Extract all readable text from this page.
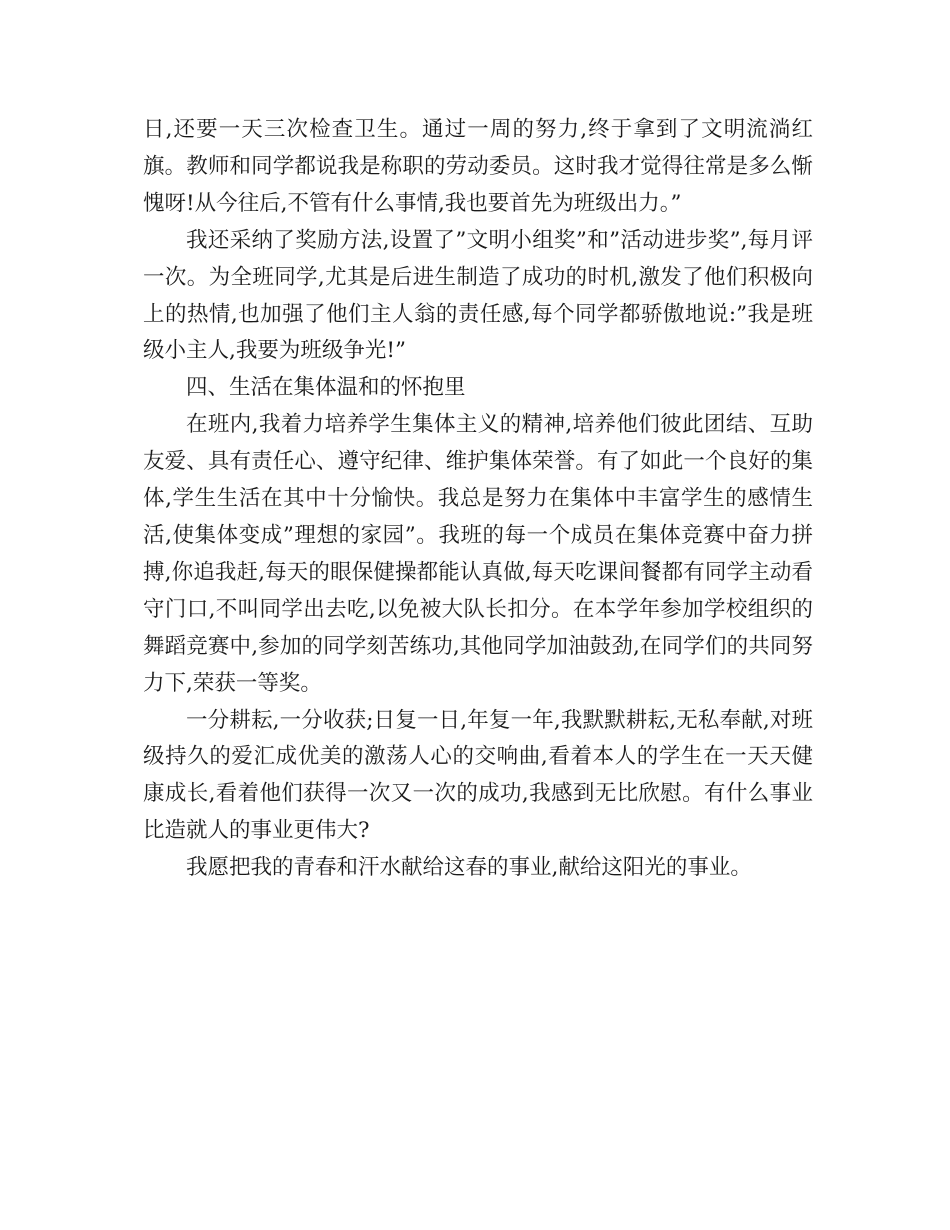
日,还要一天三次检查卫生。通过一周的努力,终于拿到了文明流淌红旗。教师和同学都说我是称职的劳动委员。这时我才觉得往常是多么惭愧呀!从今往后,不管有什么事情,我也要首先为班级出力。”

我还采纳了奖励方法,设置了”文明小组奖”和”活动进步奖”,每月评一次。为全班同学,尤其是后进生制造了成功的时机,激发了他们积极向上的热情,也加强了他们主人翁的责任感,每个同学都骄傲地说:”我是班级小主人,我要为班级争光!”

四、生活在集体温和的怀抱里

在班内,我着力培养学生集体主义的精神,培养他们彼此团结、互助友爱、具有责任心、遵守纪律、维护集体荣誉。有了如此一个良好的集体,学生生活在其中十分愉快。我总是努力在集体中丰富学生的感情生活,使集体变成”理想的家园”。我班的每一个成员在集体竞赛中奋力拼搏,你追我赶,每天的眼保健操都能认真做,每天吃课间餐都有同学主动看守门口,不叫同学出去吃,以免被大队长扣分。在本学年参加学校组织的舞蹈竞赛中,参加的同学刻苦练功,其他同学加油鼓劲,在同学们的共同努力下,荣获一等奖。

一分耕耘,一分收获;日复一日,年复一年,我默默耕耘,无私奉献,对班级持久的爱汇成优美的激荡人心的交响曲,看着本人的学生在一天天健康成长,看着他们获得一次又一次的成功,我感到无比欣慰。有什么事业比造就人的事业更伟大?

我愿把我的青春和汗水献给这春的事业,献给这阳光的事业。
